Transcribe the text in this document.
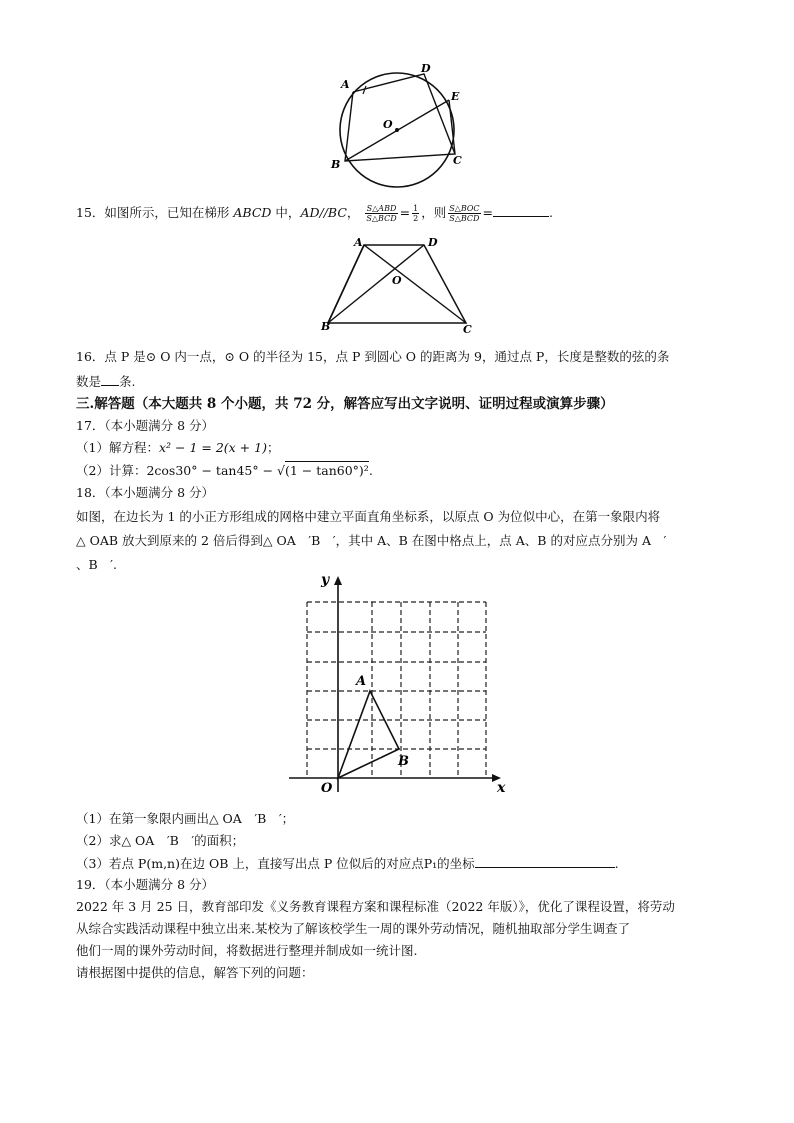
A
D
E
O
B	C
15．如图所示，已知在梯形 ABCD 中，AD//BC， $\frac{\text{S△ABD}}{\text{S△BCD}} = \frac{1}{2}$ ，则 $\frac{\text{S△BOC}}{\text{S△BCD}}$ =	.
A	D
O
B	C
16．点 P 是⊙ O 内一点，⊙ O 的半径为 15，点 P 到圆心 O 的距离为 9，通过点 P，长度是整数的弦的条
数是 条.
三.解答题（本大题共 8 个小题，共 72 分，解答应写出文字说明、证明过程或演算步骤）
17．（本小题满分 8 分）
（1）解方程：x² − 1 = 2(x + 1)；
（2）计算：2cos30° − tan45° − √(1 − tan60°)².
18．（本小题满分 8 分）
如图，在边长为 1 的小正方形组成的网格中建立平面直角坐标系，以原点 O 为位似中心，在第一象限内将
△ OAB 放大到原来的 2 倍后得到△ OA　′B　′，其中 A、B 在图中格点上，点 A、B 的对应点分别为 A　′
、B　′.
y
x
O
A
B
（1）在第一象限内画出△ OA　′B　′；
（2）求△ OA　′B　′的面积；
（3）若点 P(m,n)在边 OB 上，直接写出点 P 位似后的对应点P₁的坐标	.
19．（本小题满分 8 分）
2022 年 3 月 25 日，教育部印发《义务教育课程方案和课程标准（2022 年版）》，优化了课程设置，将劳动
从综合实践活动课程中独立出来.某校为了解该校学生一周的课外劳动情况，随机抽取部分学生调查了
他们一周的课外劳动时间，将数据进行整理并制成如一统计图.
请根据图中提供的信息，解答下列的问题：
